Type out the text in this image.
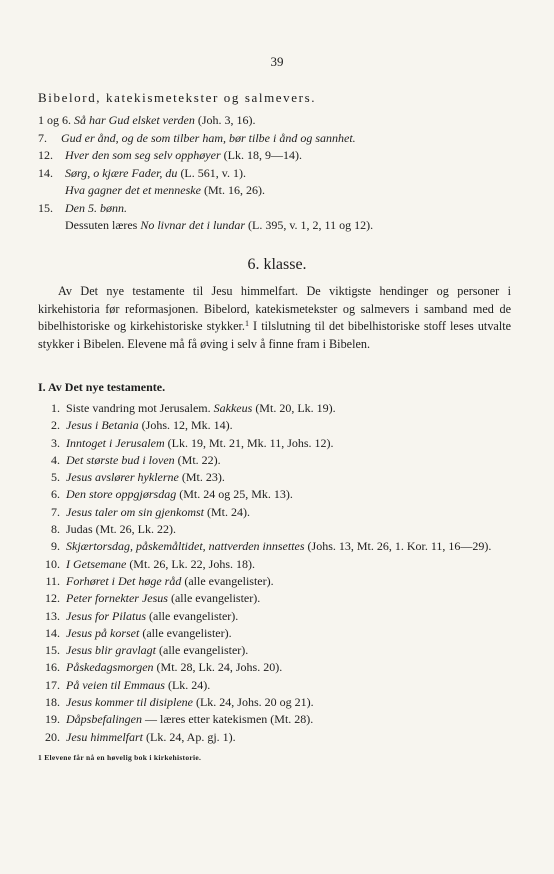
39
Bibelord, katekismetekster og salmevers.
1 og 6. Så har Gud elsket verden (Joh. 3, 16).
7. Gud er ånd, og de som tilber ham, bør tilbe i ånd og sannhet.
12. Hver den som seg selv opphøyer (Lk. 18, 9—14).
14. Sørg, o kjære Fader, du (L. 561, v. 1).
Hva gagner det et menneske (Mt. 16, 26).
15. Den 5. bønn.
Dessuten læres No livnar det i lundar (L. 395, v. 1, 2, 11 og 12).
6. klasse.

Av Det nye testamente til Jesu himmelfart. De viktigste hendinger og personer i kirkehistoria før reformasjonen. Bibelord, katekismetekster og salmevers i samband med de bibelhistoriske og kirkehistoriske stykker.$^1$ I tilslutning til det bibelhistoriske stoff leses utvalte stykker i Bibelen. Elevene må få øving i selv å finne fram i Bibelen.

I. Av Det nye testamente.
1. Siste vandring mot Jerusalem. Sakkeus (Mt. 20, Lk. 19).
2. Jesus i Betania (Johs. 12, Mk. 14).
3. Inntoget i Jerusalem (Lk. 19, Mt. 21, Mk. 11, Johs. 12).
4. Det største bud i loven (Mt. 22).
5. Jesus avslører hyklerne (Mt. 23).
6. Den store oppgjørsdag (Mt. 24 og 25, Mk. 13).
7. Jesus taler om sin gjenkomst (Mt. 24).
8. Judas (Mt. 26, Lk. 22).
9. Skjærtorsdag, påskemåltidet, nattverden innsettes (Johs. 13, Mt. 26, 1. Kor. 11, 16—29).
10. I Getsemane (Mt. 26, Lk. 22, Johs. 18).
11. Forhøret i Det høge råd (alle evangelister).
12. Peter fornekter Jesus (alle evangelister).
13. Jesus for Pilatus (alle evangelister).
14. Jesus på korset (alle evangelister).
15. Jesus blir gravlagt (alle evangelister).
16. Påskedagsmorgen (Mt. 28, Lk. 24, Johs. 20).
17. På veien til Emmaus (Lk. 24).
18. Jesus kommer til disiplene (Lk. 24, Johs. 20 og 21).
19. Dåpsbefalingen — læres etter katekismen (Mt. 28).
20. Jesu himmelfart (Lk. 24, Ap. gj. 1).
1 Elevene får nå en høvelig bok i kirkehistorie.
